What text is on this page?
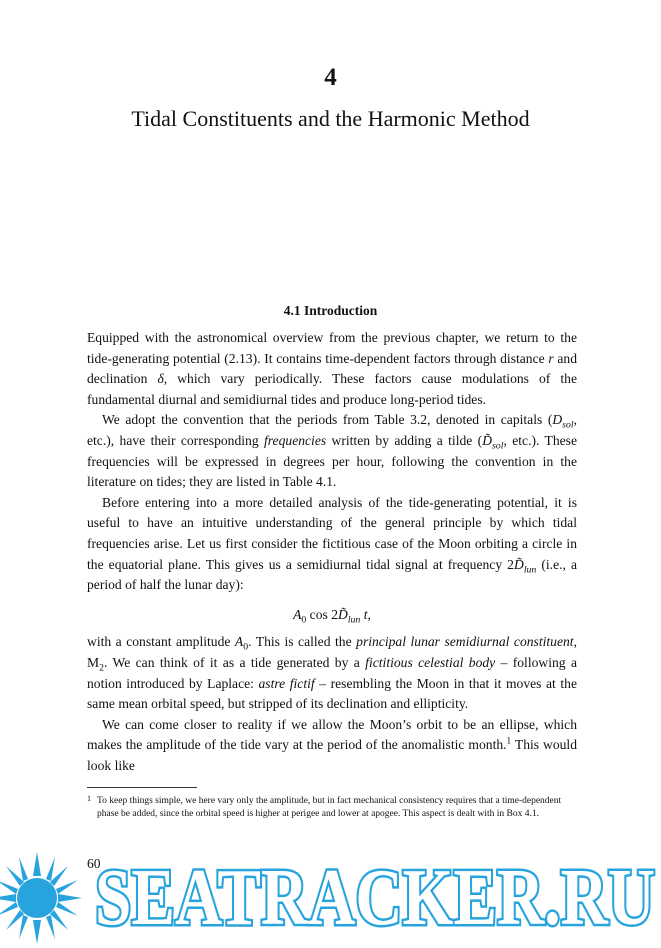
4
Tidal Constituents and the Harmonic Method
4.1 Introduction

Equipped with the astronomical overview from the previous chapter, we return to the tide-generating potential (2.13). It contains time-dependent factors through distance r and declination δ, which vary periodically. These factors cause modulations of the fundamental diurnal and semidiurnal tides and produce long-period tides.

We adopt the convention that the periods from Table 3.2, denoted in capitals ($D_{sol}$, etc.), have their corresponding frequencies written by adding a tilde ($D̃_{sol}$, etc.). These frequencies will be expressed in degrees per hour, following the convention in the literature on tides; they are listed in Table 4.1.

Before entering into a more detailed analysis of the tide-generating potential, it is useful to have an intuitive understanding of the general principle by which tidal frequencies arise. Let us first consider the fictitious case of the Moon orbiting a circle in the equatorial plane. This gives us a semidiurnal tidal signal at frequency $2D̃_{lun}$ (i.e., a period of half the lunar day):

$A_0$ $\cos 2D̃_{lun}$ t,

with a constant amplitude $A_0$. This is called the principal lunar semidiurnal constituent, $M_2$. We can think of it as a tide generated by a fictitious celestial body – following a notion introduced by Laplace: astre fictif – resembling the Moon in that it moves at the same mean orbital speed, but stripped of its declination and ellipticity.

We can come closer to reality if we allow the Moon’s orbit to be an ellipse, which makes the amplitude of the tide vary at the period of the anomalistic month.$^1$ This would look like

1 To keep things simple, we here vary only the amplitude, but in fact mechanical consistency requires that a time-dependent phase be added, since the orbital speed is higher at perigee and lower at apogee. This aspect is dealt with in Box 4.1.
60
SEATRACKER.RU
